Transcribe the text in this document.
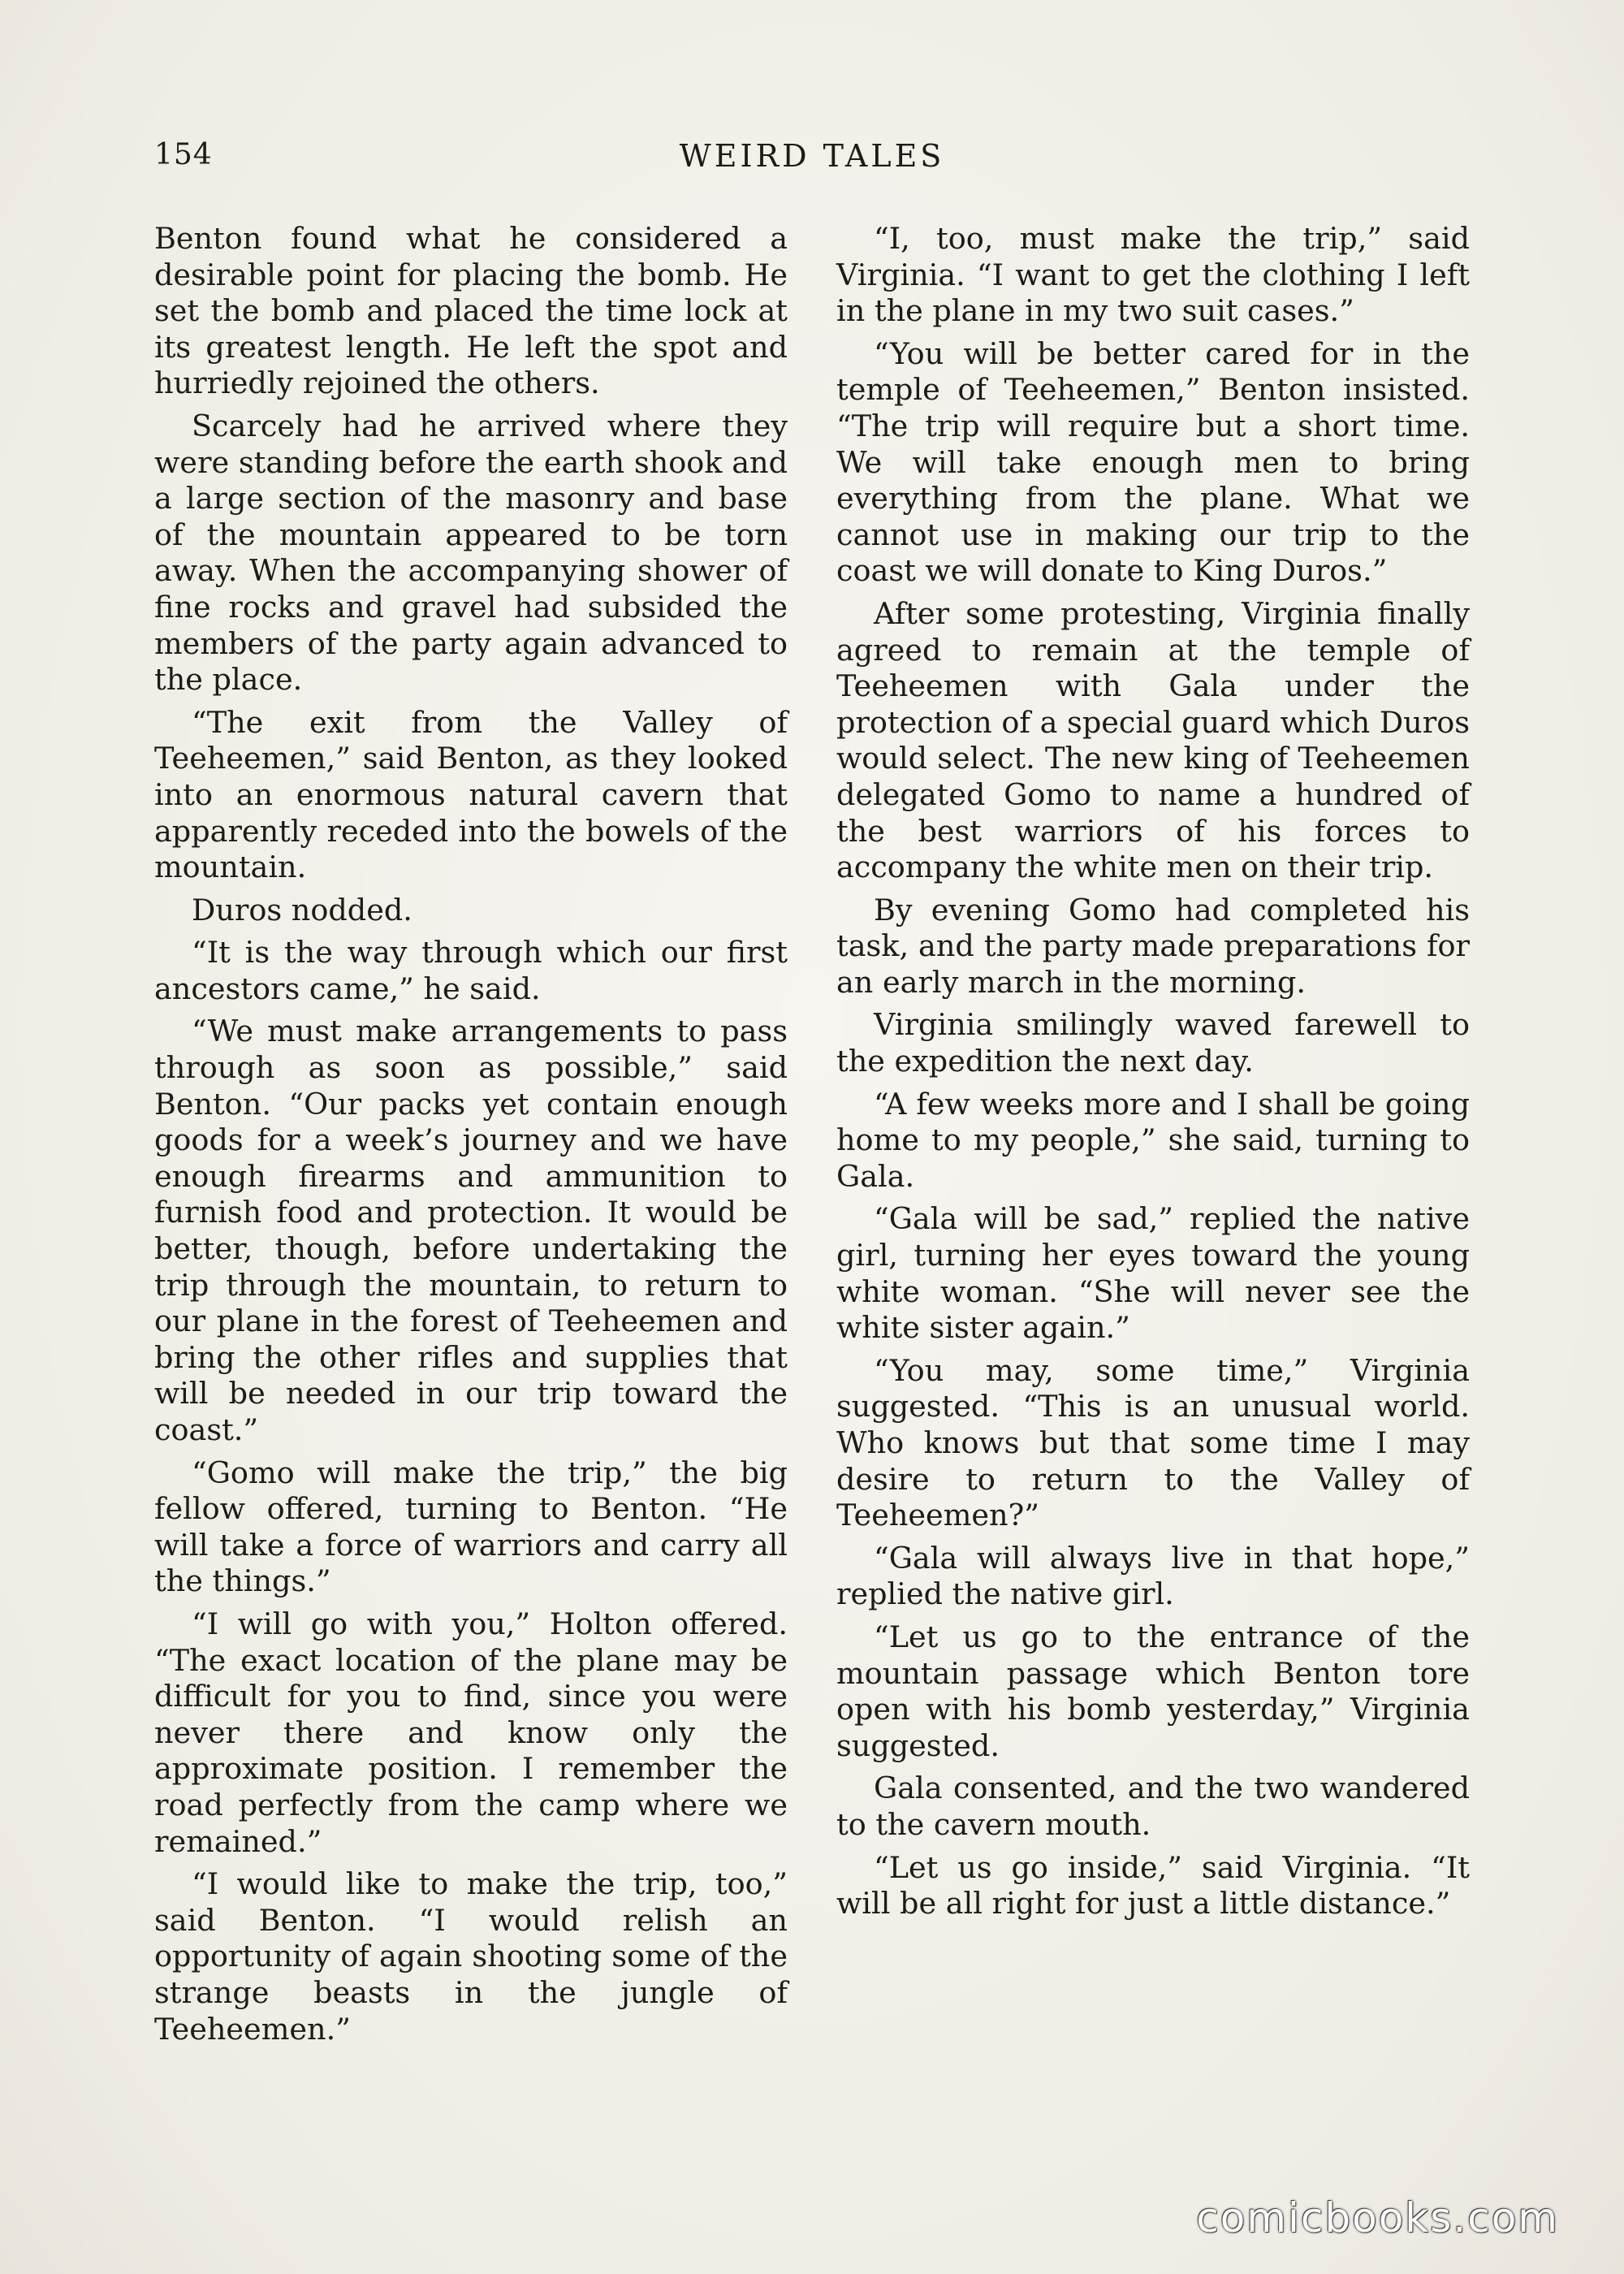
154	WEIRD TALES

Benton found what he considered a desirable point for placing the bomb. He set the bomb and placed the time lock at its greatest length. He left the spot and hurriedly rejoined the others.

Scarcely had he arrived where they were standing before the earth shook and a large section of the masonry and base of the mountain appeared to be torn away. When the accompanying shower of fine rocks and gravel had subsided the members of the party again advanced to the place.

“The exit from the Valley of Teeheemen,” said Benton, as they looked into an enormous natural cavern that apparently receded into the bowels of the mountain.

Duros nodded.

“It is the way through which our first ancestors came,” he said.

“We must make arrangements to pass through as soon as possible,” said Benton. “Our packs yet contain enough goods for a week’s journey and we have enough firearms and ammunition to furnish food and protection. It would be better, though, before undertaking the trip through the mountain, to return to our plane in the forest of Teeheemen and bring the other rifles and supplies that will be needed in our trip toward the coast.”

“Gomo will make the trip,” the big fellow offered, turning to Benton. “He will take a force of warriors and carry all the things.”

“I will go with you,” Holton offered. “The exact location of the plane may be difficult for you to find, since you were never there and know only the approximate position. I remember the road perfectly from the camp where we remained.”

“I would like to make the trip, too,” said Benton. “I would relish an opportunity of again shooting some of the strange beasts in the jungle of Teeheemen.”

“I, too, must make the trip,” said Virginia. “I want to get the clothing I left in the plane in my two suit cases.”

“You will be better cared for in the temple of Teeheemen,” Benton insisted. “The trip will require but a short time. We will take enough men to bring everything from the plane. What we cannot use in making our trip to the coast we will donate to King Duros.”

After some protesting, Virginia finally agreed to remain at the temple of Teeheemen with Gala under the protection of a special guard which Duros would select. The new king of Teeheemen delegated Gomo to name a hundred of the best warriors of his forces to accompany the white men on their trip.

By evening Gomo had completed his task, and the party made preparations for an early march in the morning.

Virginia smilingly waved farewell to the expedition the next day.

“A few weeks more and I shall be going home to my people,” she said, turning to Gala.

“Gala will be sad,” replied the native girl, turning her eyes toward the young white woman. “She will never see the white sister again.”

“You may, some time,” Virginia suggested. “This is an unusual world. Who knows but that some time I may desire to return to the Valley of Teeheemen?”

“Gala will always live in that hope,” replied the native girl.

“Let us go to the entrance of the mountain passage which Benton tore open with his bomb yesterday,” Virginia suggested.

Gala consented, and the two wandered to the cavern mouth.

“Let us go inside,” said Virginia. “It will be all right for just a little distance.”

comicbooks.com
